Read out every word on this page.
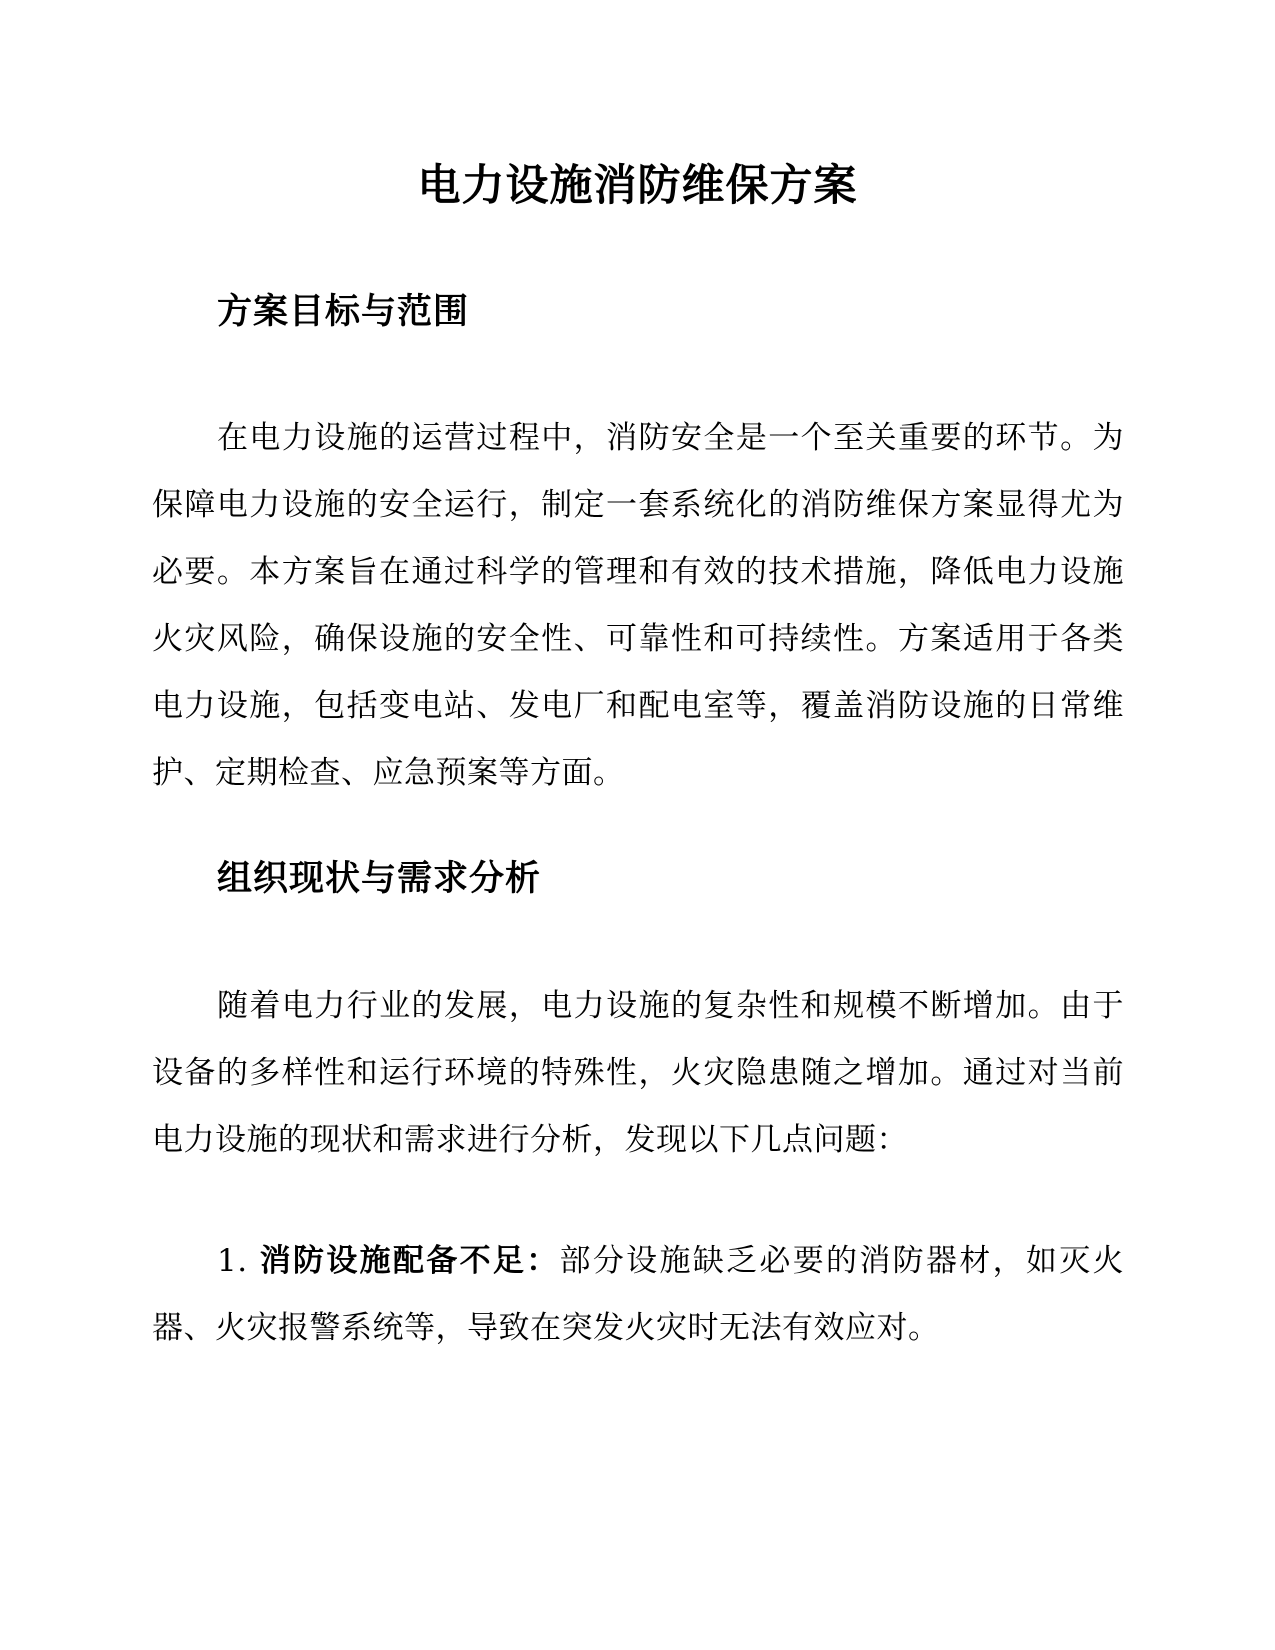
电力设施消防维保方案
方案目标与范围

在电力设施的运营过程中，消防安全是一个至关重要的环节。为保障电力设施的安全运行，制定一套系统化的消防维保方案显得尤为必要。本方案旨在通过科学的管理和有效的技术措施，降低电力设施火灾风险，确保设施的安全性、可靠性和可持续性。方案适用于各类电力设施，包括变电站、发电厂和配电室等，覆盖消防设施的日常维护、定期检查、应急预案等方面。

组织现状与需求分析

随着电力行业的发展，电力设施的复杂性和规模不断增加。由于设备的多样性和运行环境的特殊性，火灾隐患随之增加。通过对当前电力设施的现状和需求进行分析，发现以下几点问题：

1. 消防设施配备不足：部分设施缺乏必要的消防器材，如灭火器、火灾报警系统等，导致在突发火灾时无法有效应对。
